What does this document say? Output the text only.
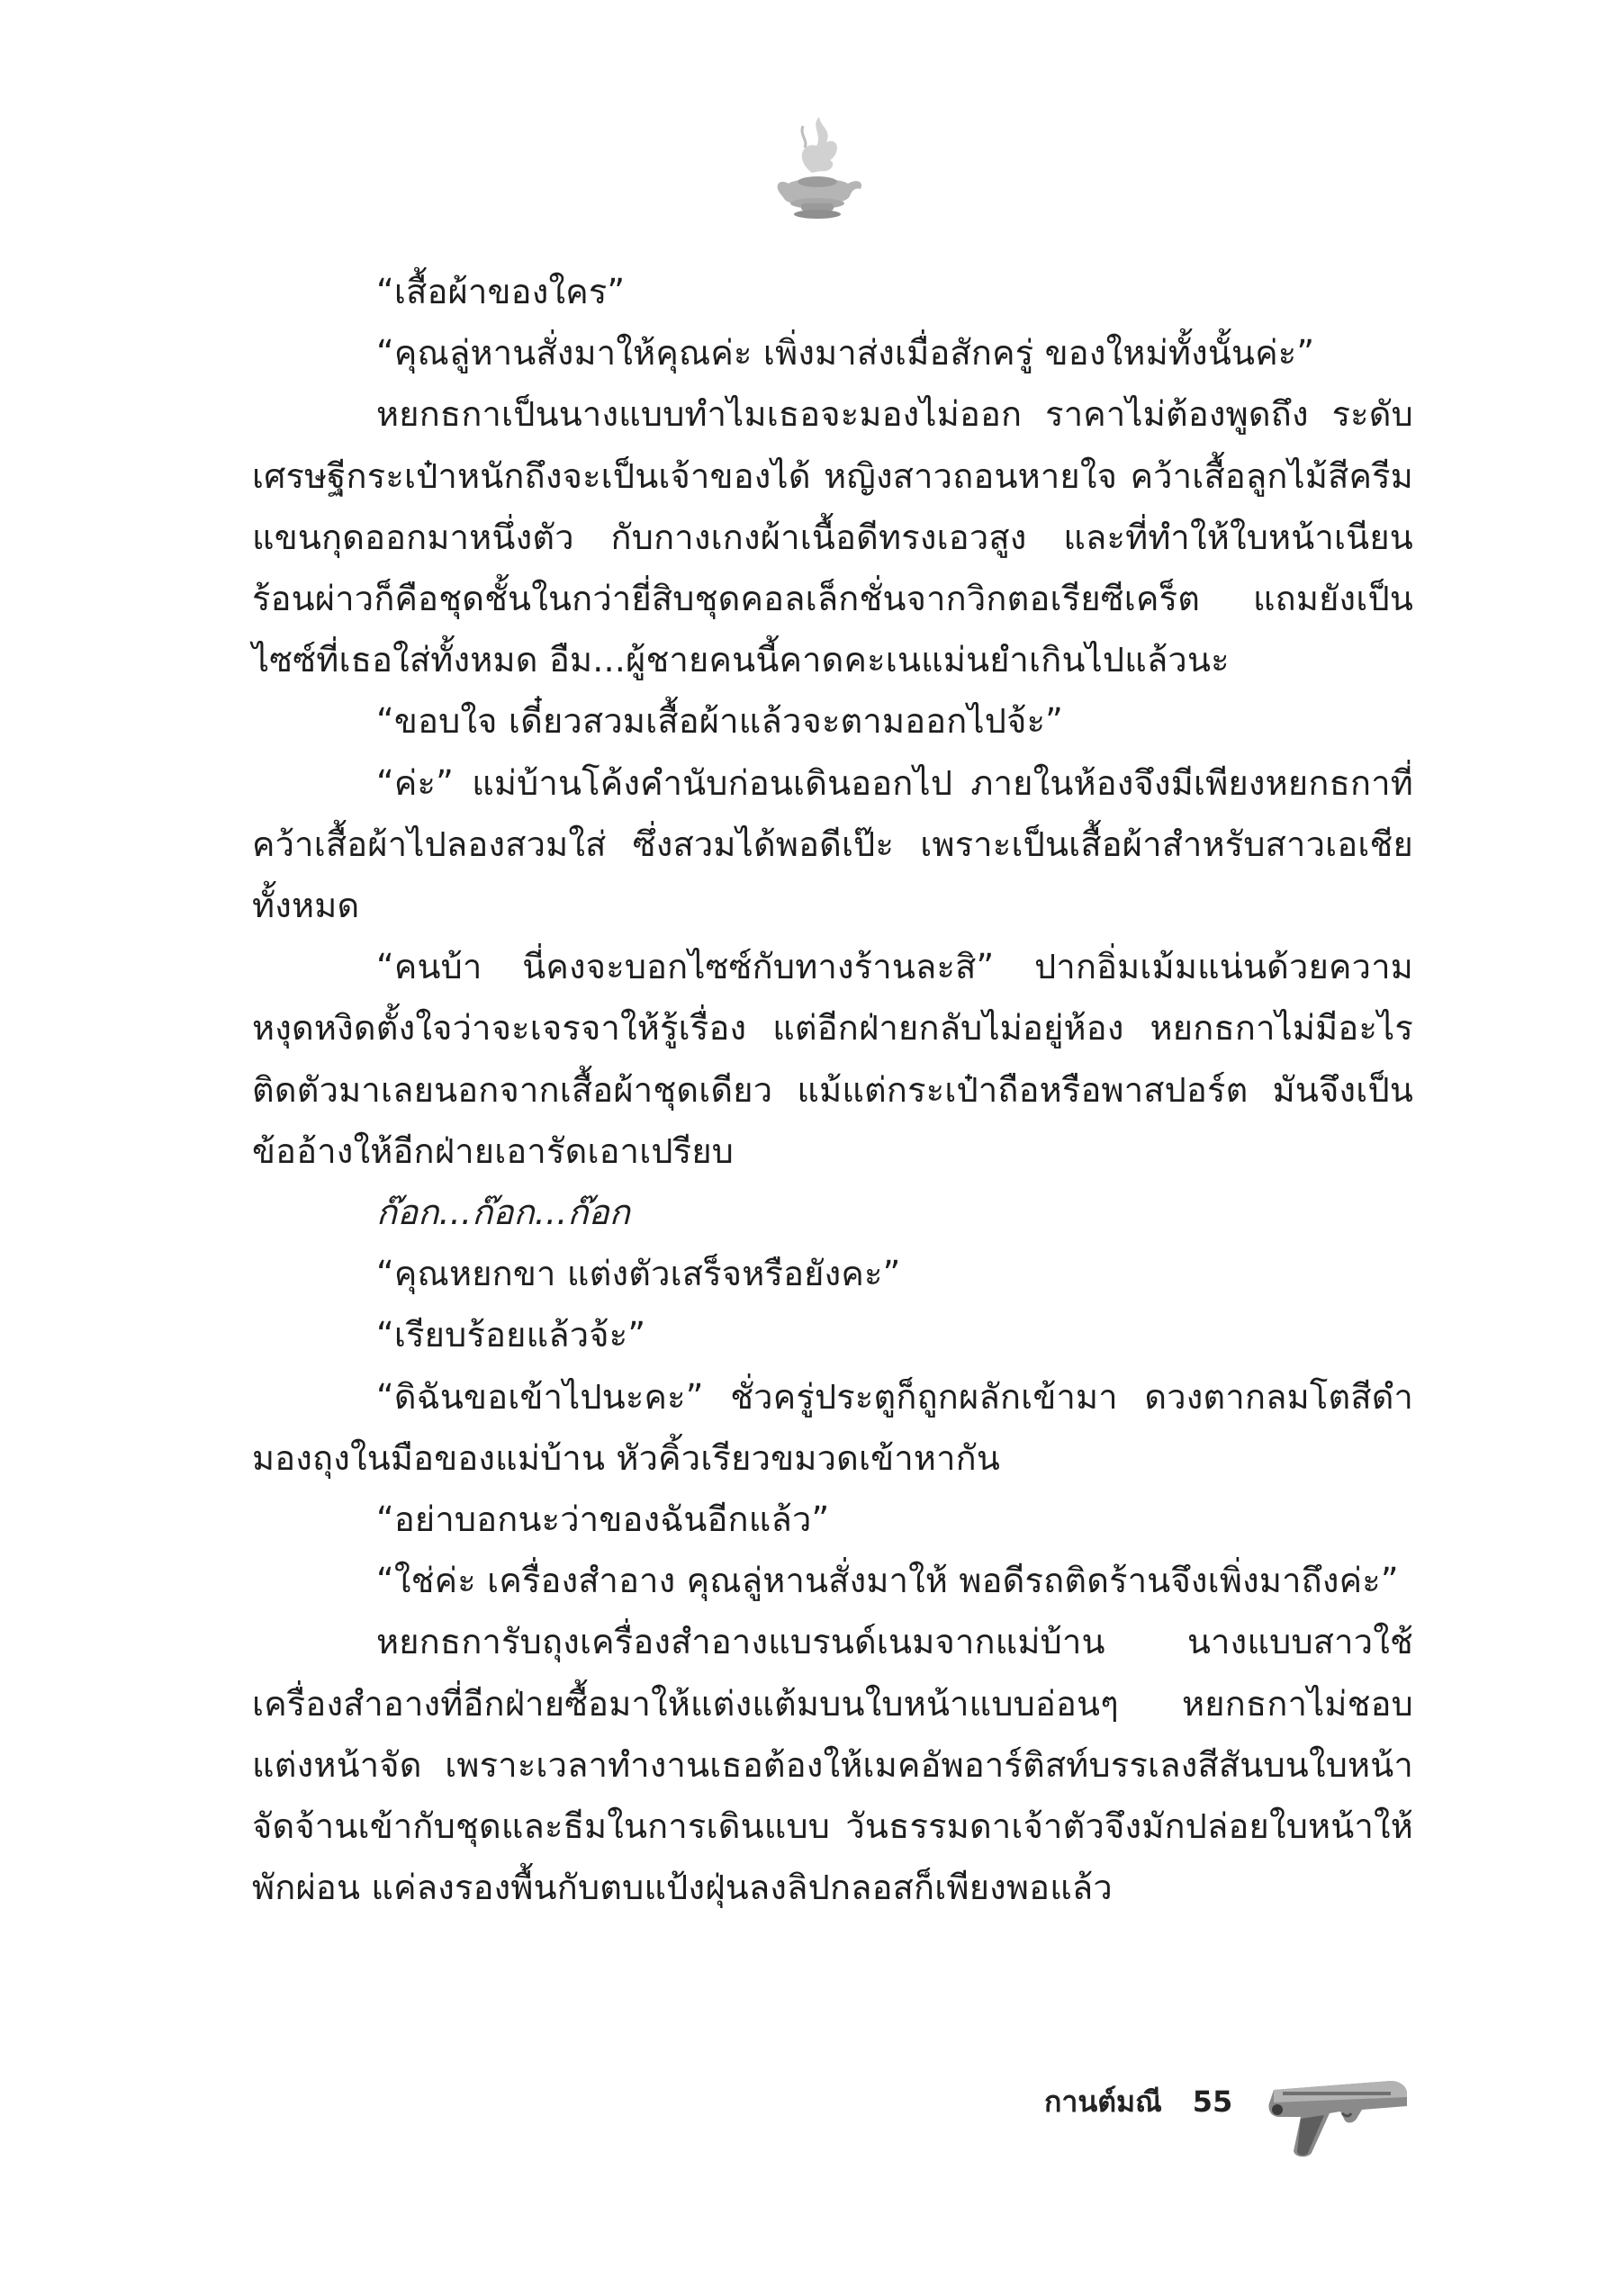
“เสื้อผ้าของใคร”

“คุณลู่หานสั่งมาให้คุณค่ะ เพิ่งมาส่งเมื่อสักครู่ ของใหม่ทั้งนั้นค่ะ”

หยกธกาเป็นนางแบบทำไมเธอจะมองไม่ออก ราคาไม่ต้องพูดถึง ระดับเศรษฐีกระเป๋าหนักถึงจะเป็นเจ้าของได้ หญิงสาวถอนหายใจ คว้าเสื้อลูกไม้สีครีมแขนกุดออกมาหนึ่งตัว กับกางเกงผ้าเนื้อดีทรงเอวสูง และที่ทำให้ใบหน้าเนียนร้อนผ่าวก็คือชุดชั้นในกว่ายี่สิบชุดคอลเล็กชั่นจากวิกตอเรียซีเคร็ต แถมยังเป็นไซซ์ที่เธอใส่ทั้งหมด อืม...ผู้ชายคนนี้คาดคะเนแม่นยำเกินไปแล้วนะ

“ขอบใจ เดี๋ยวสวมเสื้อผ้าแล้วจะตามออกไปจ้ะ”

“ค่ะ” แม่บ้านโค้งคำนับก่อนเดินออกไป ภายในห้องจึงมีเพียงหยกธกาที่คว้าเสื้อผ้าไปลองสวมใส่ ซึ่งสวมได้พอดีเป๊ะ เพราะเป็นเสื้อผ้าสำหรับสาวเอเชียทั้งหมด

“คนบ้า นี่คงจะบอกไซซ์กับทางร้านละสิ” ปากอิ่มเม้มแน่นด้วยความหงุดหงิดตั้งใจว่าจะเจรจาให้รู้เรื่อง แต่อีกฝ่ายกลับไม่อยู่ห้อง หยกธกาไม่มีอะไรติดตัวมาเลยนอกจากเสื้อผ้าชุดเดียว แม้แต่กระเป๋าถือหรือพาสปอร์ต มันจึงเป็นข้ออ้างให้อีกฝ่ายเอารัดเอาเปรียบ

ก๊อก...ก๊อก...ก๊อก

“คุณหยกขา แต่งตัวเสร็จหรือยังคะ”

“เรียบร้อยแล้วจ้ะ”

“ดิฉันขอเข้าไปนะคะ” ชั่วครู่ประตูก็ถูกผลักเข้ามา ดวงตากลมโตสีดำมองถุงในมือของแม่บ้าน หัวคิ้วเรียวขมวดเข้าหากัน

“อย่าบอกนะว่าของฉันอีกแล้ว”

“ใช่ค่ะ เครื่องสำอาง คุณลู่หานสั่งมาให้ พอดีรถติดร้านจึงเพิ่งมาถึงค่ะ”

หยกธการับถุงเครื่องสำอางแบรนด์เนมจากแม่บ้าน นางแบบสาวใช้เครื่องสำอางที่อีกฝ่ายซื้อมาให้แต่งแต้มบนใบหน้าแบบอ่อนๆ หยกธกาไม่ชอบแต่งหน้าจัด เพราะเวลาทำงานเธอต้องให้เมคอัพอาร์ติสท์บรรเลงสีสันบนใบหน้าจัดจ้านเข้ากับชุดและธีมในการเดินแบบ วันธรรมดาเจ้าตัวจึงมักปล่อยใบหน้าให้พักผ่อน แค่ลงรองพื้นกับตบแป้งฝุ่นลงลิปกลอสก็เพียงพอแล้ว

กานต์มณี 55
